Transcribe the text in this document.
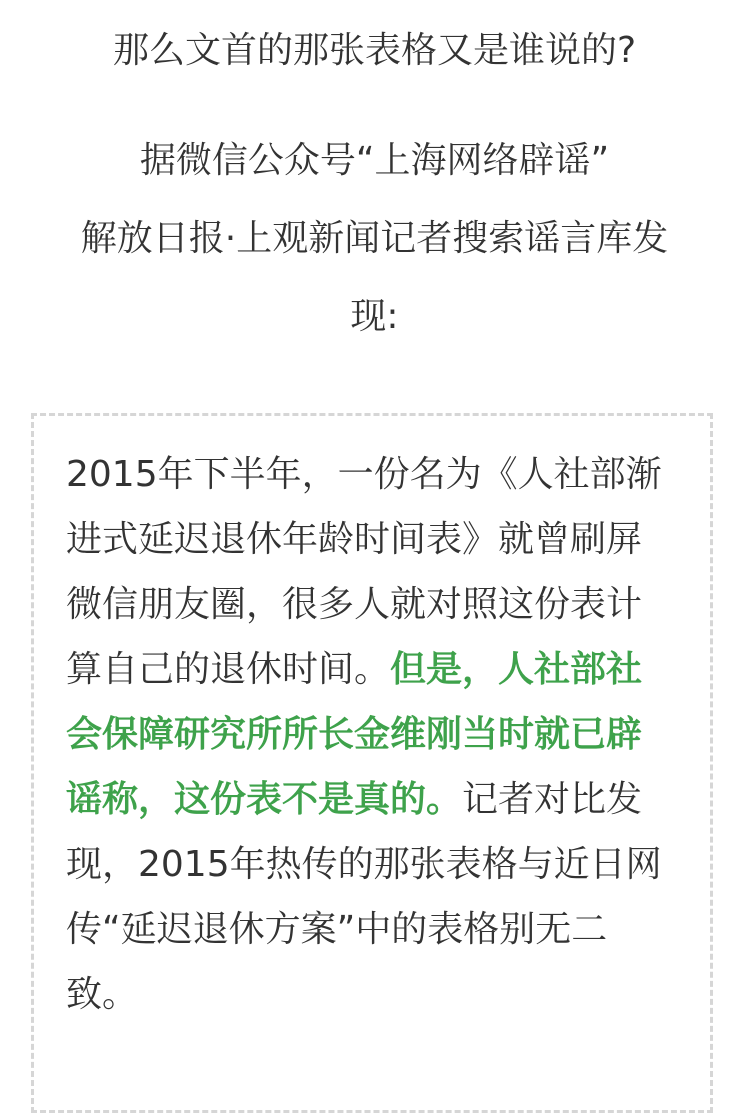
那么文首的那张表格又是谁说的?
据微信公众号“上海网络辟谣”
解放日报·上观新闻记者搜索谣言库发
现:
2015年下半年，一份名为《人社部渐
进式延迟退休年龄时间表》就曾刷屏
微信朋友圈，很多人就对照这份表计
算自己的退休时间。但是，人社部社
会保障研究所所长金维刚当时就已辟
谣称，这份表不是真的。记者对比发
现，2015年热传的那张表格与近日网
传“延迟退休方案”中的表格别无二
致。
